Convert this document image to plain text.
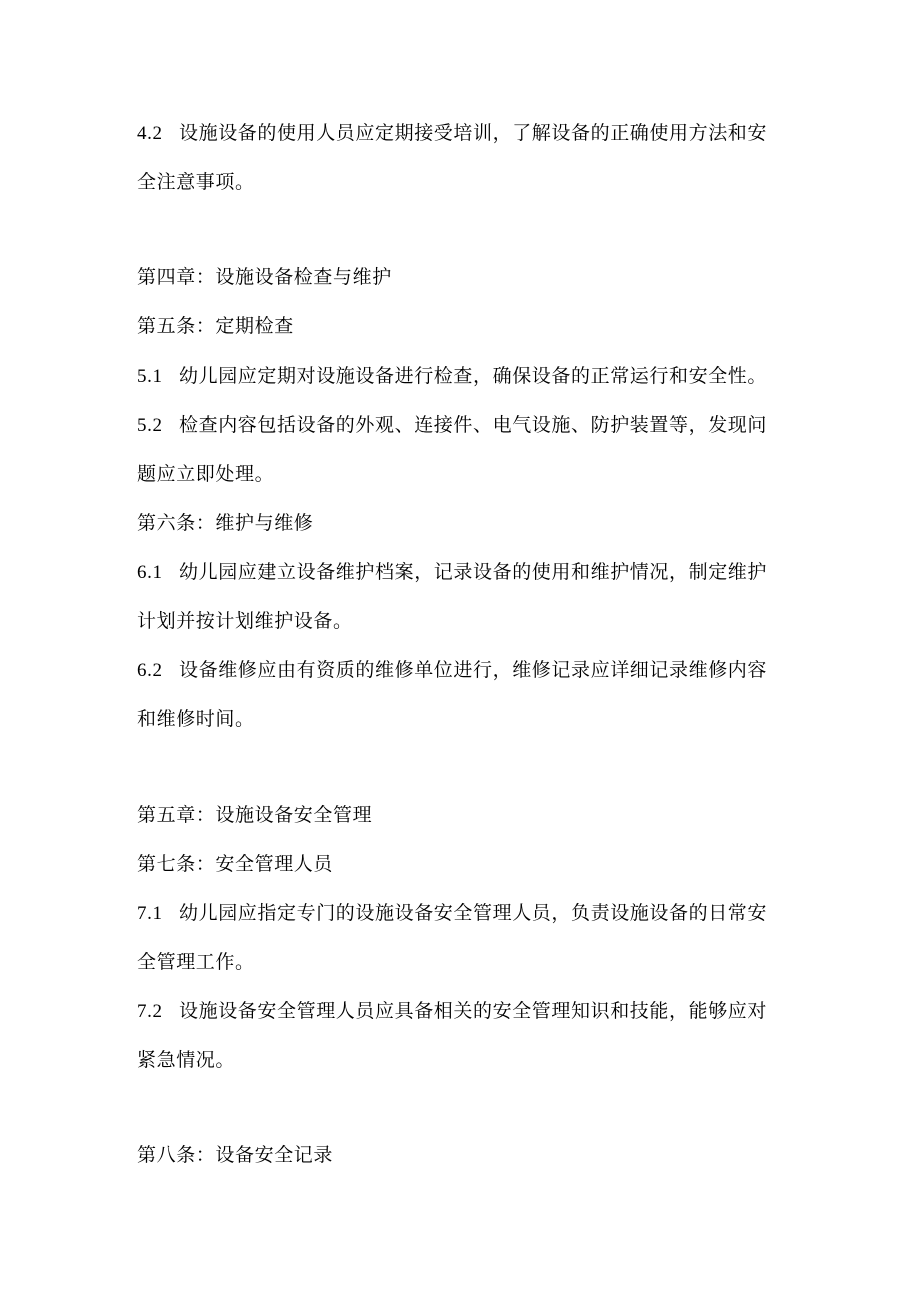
4.2 设施设备的使用人员应定期接受培训，了解设备的正确使用方法和安
全注意事项。
第四章：设施设备检查与维护
第五条：定期检查
5.1 幼儿园应定期对设施设备进行检查，确保设备的正常运行和安全性。
5.2 检查内容包括设备的外观、连接件、电气设施、防护装置等，发现问
题应立即处理。
第六条：维护与维修
6.1 幼儿园应建立设备维护档案，记录设备的使用和维护情况，制定维护
计划并按计划维护设备。
6.2 设备维修应由有资质的维修单位进行，维修记录应详细记录维修内容
和维修时间。
第五章：设施设备安全管理
第七条：安全管理人员
7.1 幼儿园应指定专门的设施设备安全管理人员，负责设施设备的日常安
全管理工作。
7.2 设施设备安全管理人员应具备相关的安全管理知识和技能，能够应对
紧急情况。
第八条：设备安全记录
